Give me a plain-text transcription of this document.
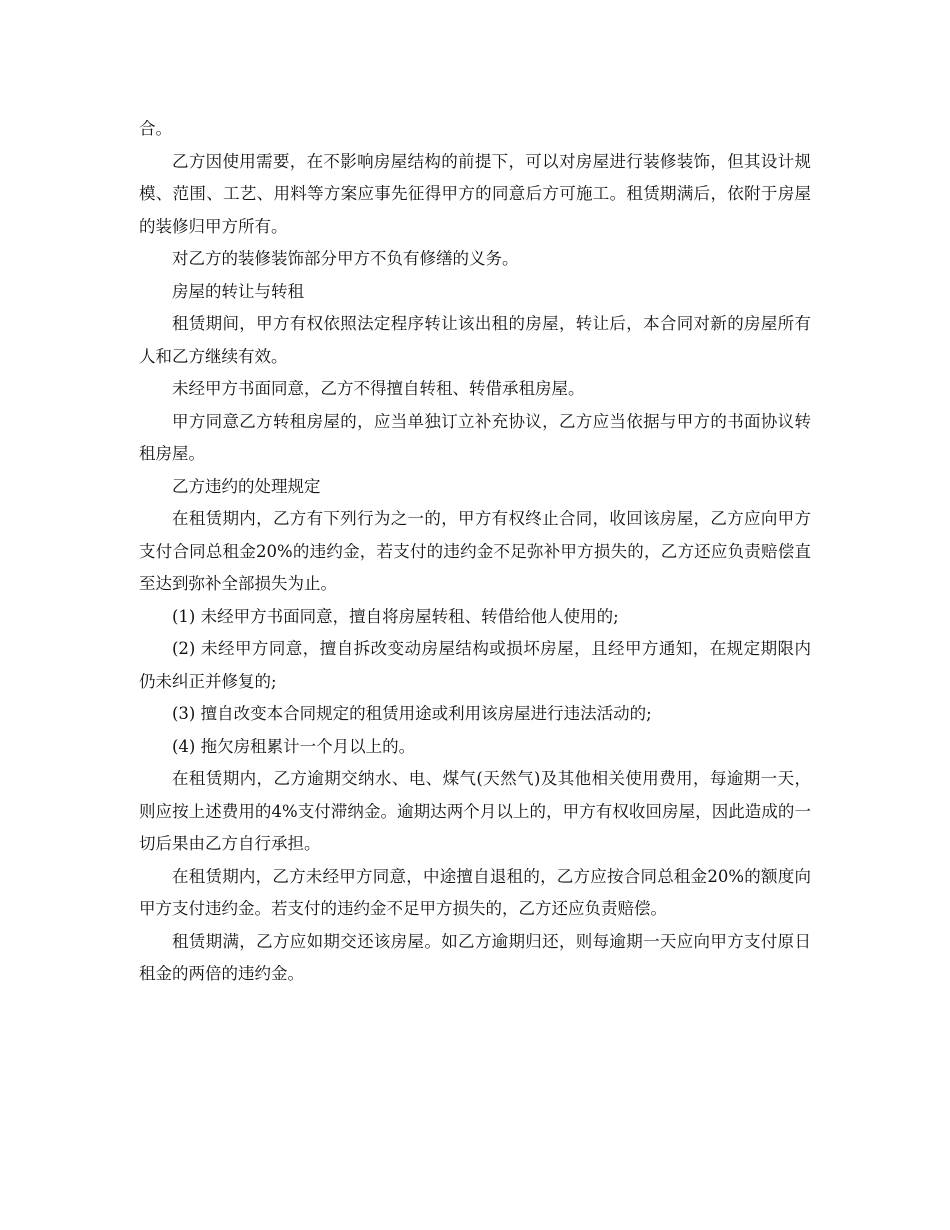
合。

乙方因使用需要，在不影响房屋结构的前提下，可以对房屋进行装修装饰，但其设计规模、范围、工艺、用料等方案应事先征得甲方的同意后方可施工。租赁期满后，依附于房屋的装修归甲方所有。

对乙方的装修装饰部分甲方不负有修缮的义务。

房屋的转让与转租

租赁期间，甲方有权依照法定程序转让该出租的房屋，转让后，本合同对新的房屋所有人和乙方继续有效。

未经甲方书面同意，乙方不得擅自转租、转借承租房屋。

甲方同意乙方转租房屋的，应当单独订立补充协议，乙方应当依据与甲方的书面协议转租房屋。

乙方违约的处理规定

在租赁期内，乙方有下列行为之一的，甲方有权终止合同，收回该房屋，乙方应向甲方支付合同总租金20%的违约金，若支付的违约金不足弥补甲方损失的，乙方还应负责赔偿直至达到弥补全部损失为止。

(1) 未经甲方书面同意，擅自将房屋转租、转借给他人使用的;

(2) 未经甲方同意，擅自拆改变动房屋结构或损坏房屋，且经甲方通知，在规定期限内仍未纠正并修复的;

(3) 擅自改变本合同规定的租赁用途或利用该房屋进行违法活动的;

(4) 拖欠房租累计一个月以上的。

在租赁期内，乙方逾期交纳水、电、煤气(天然气)及其他相关使用费用，每逾期一天，则应按上述费用的4%支付滞纳金。逾期达两个月以上的，甲方有权收回房屋，因此造成的一切后果由乙方自行承担。

在租赁期内，乙方未经甲方同意，中途擅自退租的，乙方应按合同总租金20%的额度向甲方支付违约金。若支付的违约金不足甲方损失的，乙方还应负责赔偿。

租赁期满，乙方应如期交还该房屋。如乙方逾期归还，则每逾期一天应向甲方支付原日租金的两倍的违约金。
